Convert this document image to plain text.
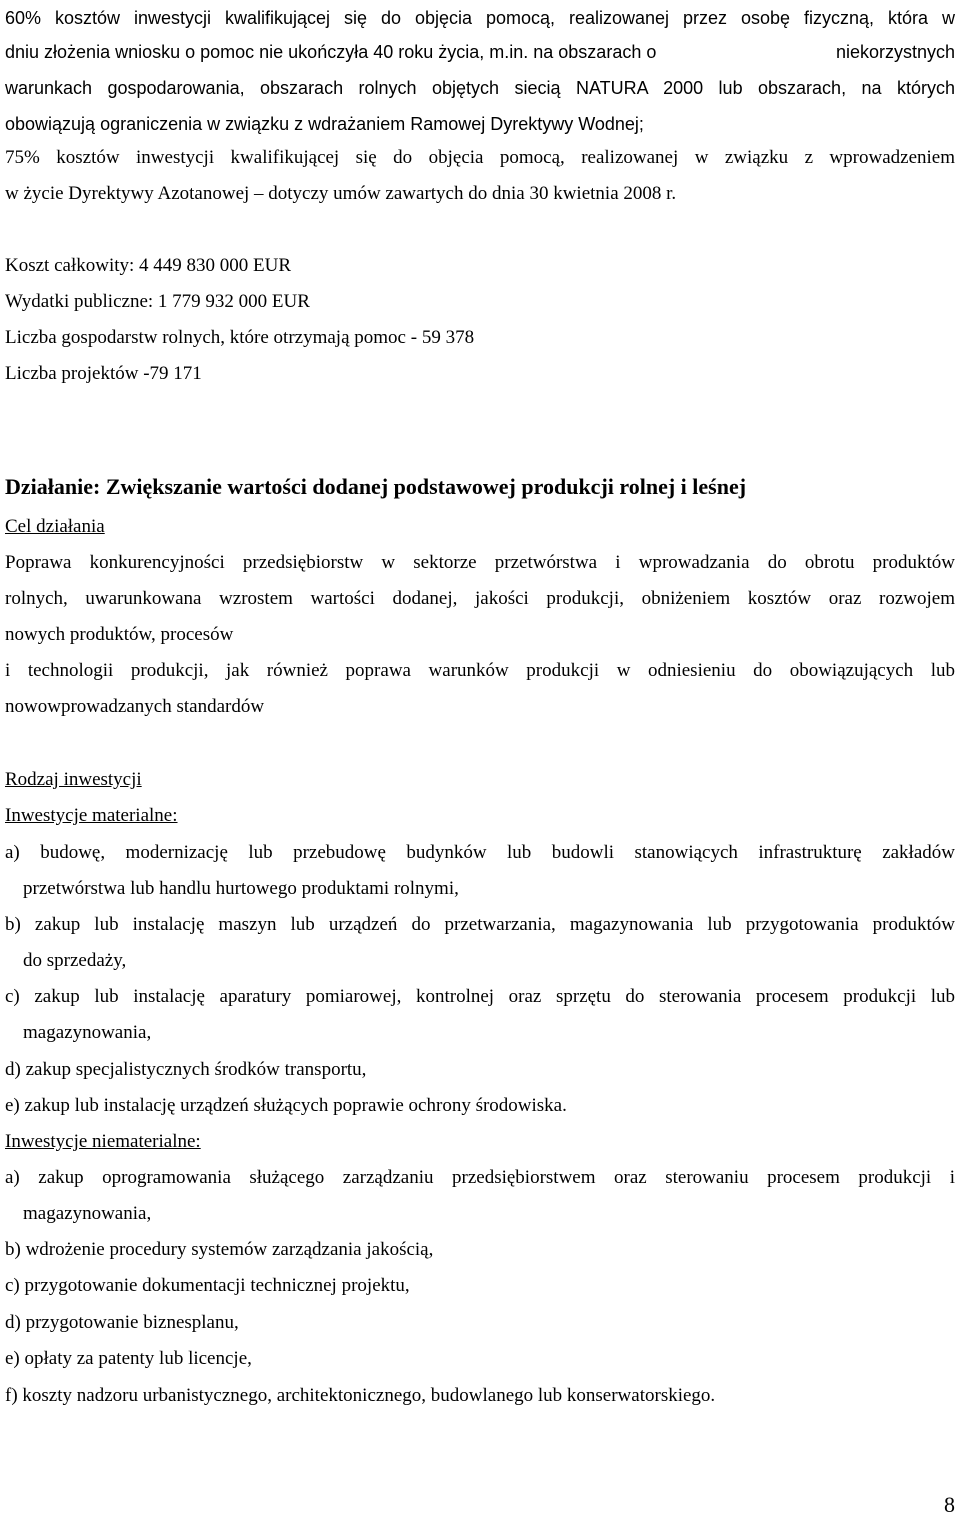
60% kosztów inwestycji kwalifikującej się do objęcia pomocą, realizowanej przez osobę fizyczną, która w
dniu złożenia wniosku o pomoc nie ukończyła 40 roku życia, m.in. na obszarach o	niekorzystnych
warunkach gospodarowania, obszarach rolnych objętych siecią NATURA 2000 lub obszarach, na których
obowiązują ograniczenia w związku z wdrażaniem Ramowej Dyrektywy Wodnej;
75% kosztów inwestycji kwalifikującej się do objęcia pomocą, realizowanej w związku z wprowadzeniem
w życie Dyrektywy Azotanowej – dotyczy umów zawartych do dnia 30 kwietnia 2008 r.
Koszt całkowity: 4 449 830 000 EUR
Wydatki publiczne: 1 779 932 000 EUR
Liczba gospodarstw rolnych, które otrzymają pomoc - 59 378
Liczba projektów -79 171
Działanie: Zwiększanie wartości dodanej podstawowej produkcji rolnej i leśnej
Cel działania
Poprawa konkurencyjności przedsiębiorstw w sektorze przetwórstwa i wprowadzania do obrotu produktów
rolnych, uwarunkowana wzrostem wartości dodanej, jakości produkcji, obniżeniem kosztów oraz rozwojem
nowych produktów, procesów
i technologii produkcji, jak również poprawa warunków produkcji w odniesieniu do obowiązujących lub
nowowprowadzanych standardów
Rodzaj inwestycji
Inwestycje materialne:
a) budowę, modernizację lub przebudowę budynków lub budowli stanowiących infrastrukturę zakładów
przetwórstwa lub handlu hurtowego produktami rolnymi,
b) zakup lub instalację maszyn lub urządzeń do przetwarzania, magazynowania lub przygotowania produktów
do sprzedaży,
c) zakup lub instalację aparatury pomiarowej, kontrolnej oraz sprzętu do sterowania procesem produkcji lub
magazynowania,
d) zakup specjalistycznych środków transportu,
e) zakup lub instalację urządzeń służących poprawie ochrony środowiska.
Inwestycje niematerialne:
a) zakup oprogramowania służącego zarządzaniu przedsiębiorstwem oraz sterowaniu procesem produkcji i
magazynowania,
b) wdrożenie procedury systemów zarządzania jakością,
c) przygotowanie dokumentacji technicznej projektu,
d) przygotowanie biznesplanu,
e) opłaty za patenty lub licencje,
f) koszty nadzoru urbanistycznego, architektonicznego, budowlanego lub konserwatorskiego.
8
